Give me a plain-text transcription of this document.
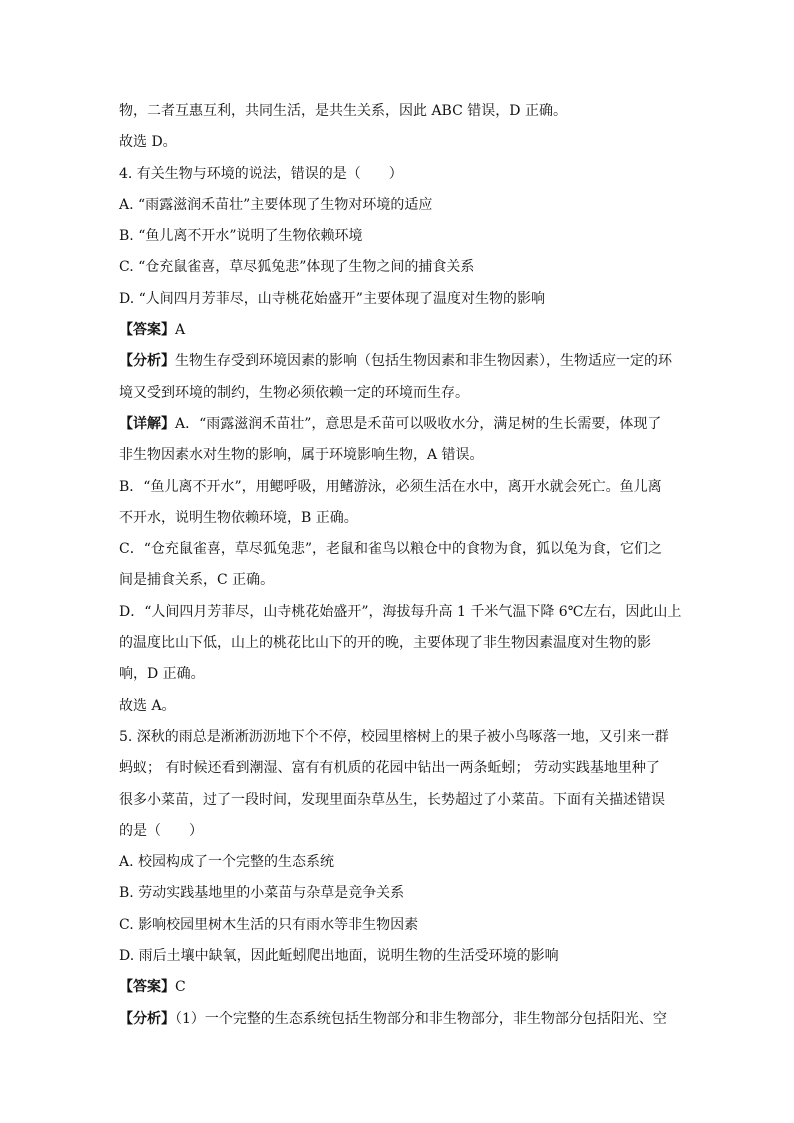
物，二者互惠互利，共同生活，是共生关系，因此 ABC 错误，D 正确。
故选 D。
4. 有关生物与环境的说法，错误的是（　　）
A. “雨露滋润禾苗壮”主要体现了生物对环境的适应
B. “鱼儿离不开水”说明了生物依赖环境
C. “仓充鼠雀喜，草尽狐兔悲”体现了生物之间的捕食关系
D. “人间四月芳菲尽，山寺桃花始盛开”主要体现了温度对生物的影响
【答案】A
【分析】生物生存受到环境因素的影响（包括生物因素和非生物因素），生物适应一定的环
境又受到环境的制约，生物必须依赖一定的环境而生存。
【详解】A．“雨露滋润禾苗壮”，意思是禾苗可以吸收水分，满足树的生长需要，体现了
非生物因素水对生物的影响，属于环境影响生物，A 错误。
B．“鱼儿离不开水”，用鳃呼吸，用鳍游泳，必须生活在水中，离开水就会死亡。鱼儿离
不开水，说明生物依赖环境，B 正确。
C．“仓充鼠雀喜，草尽狐兔悲”，老鼠和雀鸟以粮仓中的食物为食，狐以兔为食，它们之
间是捕食关系，C 正确。
D．“人间四月芳菲尽，山寺桃花始盛开”，海拔每升高 1 千米气温下降 6℃左右，因此山上
的温度比山下低，山上的桃花比山下的开的晚，主要体现了非生物因素温度对生物的影
响，D 正确。
故选 A。
5. 深秋的雨总是淅淅沥沥地下个不停，校园里榕树上的果子被小鸟啄落一地，又引来一群
蚂蚁； 有时候还看到潮湿、富有有机质的花园中钻出一两条蚯蚓； 劳动实践基地里种了
很多小菜苗，过了一段时间，发现里面杂草丛生，长势超过了小菜苗。下面有关描述错误
的是（　　）
A. 校园构成了一个完整的生态系统
B. 劳动实践基地里的小菜苗与杂草是竞争关系
C. 影响校园里树木生活的只有雨水等非生物因素
D. 雨后土壤中缺氧，因此蚯蚓爬出地面，说明生物的生活受环境的影响
【答案】C
【分析】（1）一个完整的生态系统包括生物部分和非生物部分，非生物部分包括阳光、空
